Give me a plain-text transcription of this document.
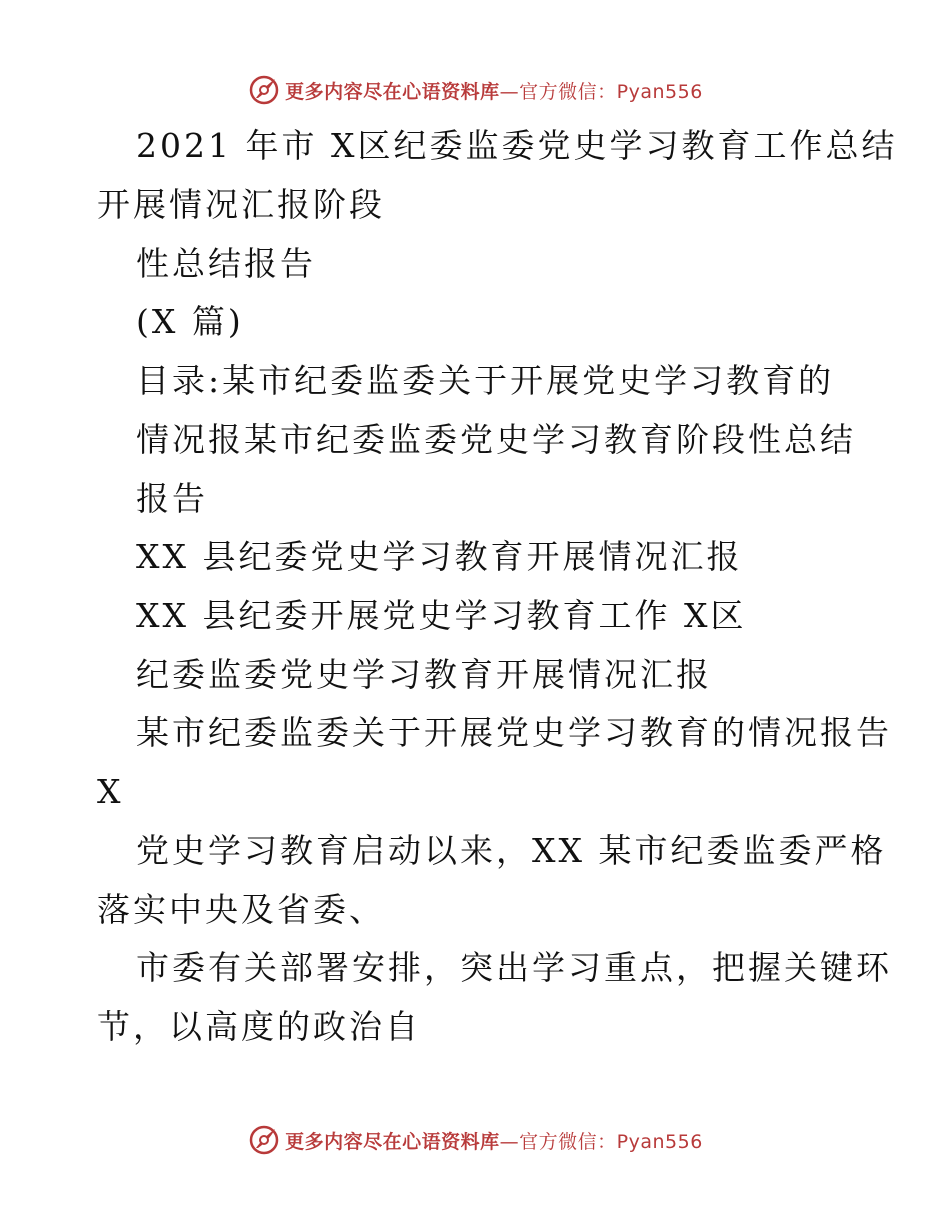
更多内容尽在心语资料库—官方微信：Pyan556
2021 年市 X区纪委监委党史学习教育工作总结
开展情况汇报阶段
性总结报告
(X 篇)
目录:某市纪委监委关于开展党史学习教育的
情况报某市纪委监委党史学习教育阶段性总结
报告
XX 县纪委党史学习教育开展情况汇报
XX 县纪委开展党史学习教育工作 X区
纪委监委党史学习教育开展情况汇报
某市纪委监委关于开展党史学习教育的情况报告
X
党史学习教育启动以来，XX 某市纪委监委严格
落实中央及省委、
市委有关部署安排，突出学习重点，把握关键环
节，以高度的政治自
更多内容尽在心语资料库—官方微信：Pyan556
